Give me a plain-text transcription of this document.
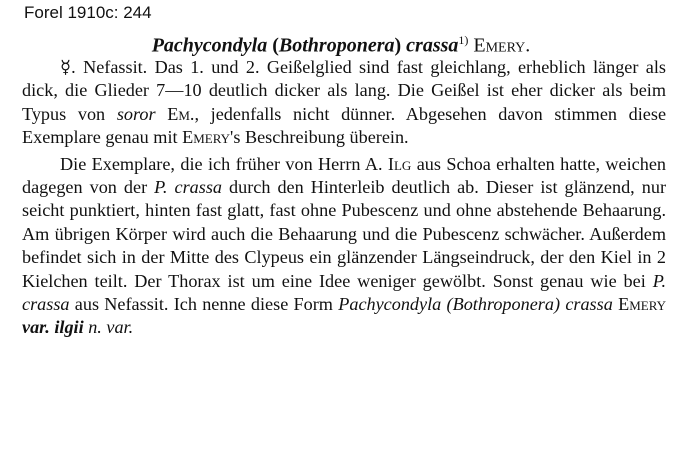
Forel 1910c: 244
Pachycondyla (Bothroponera) crassa$^{1)}$ Emery.

☿. Nefassit. Das 1. und 2. Geißelglied sind fast gleichlang, erheblich länger als dick, die Glieder 7—10 deutlich dicker als lang. Die Geißel ist eher dicker als beim Typus von soror Em., jedenfalls nicht dünner. Abgesehen davon stimmen diese Exemplare genau mit Emery's Beschreibung überein.

Die Exemplare, die ich früher von Herrn A. Ilg aus Schoa erhalten hatte, weichen dagegen von der P. crassa durch den Hinterleib deutlich ab. Dieser ist glänzend, nur seicht punktiert, hinten fast glatt, fast ohne Pubescenz und ohne abstehende Behaarung. Am übrigen Körper wird auch die Behaarung und die Pubescenz schwächer. Außerdem befindet sich in der Mitte des Clypeus ein glänzender Längseindruck, der den Kiel in 2 Kielchen teilt. Der Thorax ist um eine Idee weniger gewölbt. Sonst genau wie bei P. crassa aus Nefassit. Ich nenne diese Form Pachycondyla (Bothroponera) crassa Emery var. ilgii n. var.
